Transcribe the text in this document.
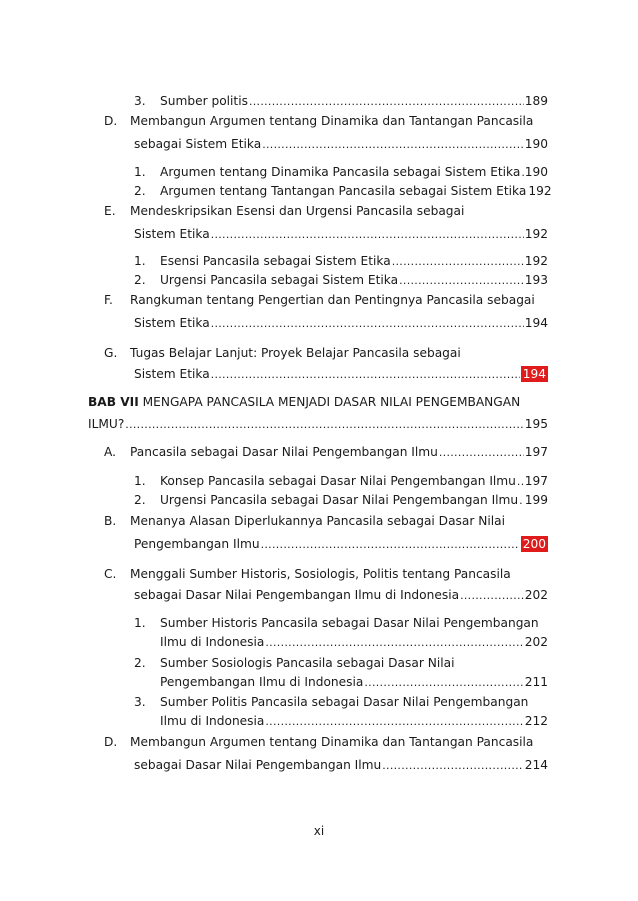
3. Sumber politis .....	189
D. Membangun Argumen tentang Dinamika dan Tantangan Pancasila
sebagai Sistem Etika .....	190
1. Argumen tentang Dinamika Pancasila sebagai Sistem Etika ..... 190
2. Argumen tentang Tantangan Pancasila sebagai Sistem Etika 192
E. Mendeskripsikan Esensi dan Urgensi Pancasila sebagai
Sistem Etika .....	192
1. Esensi Pancasila sebagai Sistem Etika .....	192
2. Urgensi Pancasila sebagai Sistem Etika .....	193
F. Rangkuman tentang Pengertian dan Pentingnya Pancasila sebagai
Sistem Etika .....	194
G. Tugas Belajar Lanjut: Proyek Belajar Pancasila sebagai
Sistem Etika .....	194
BAB VII MENGAPA PANCASILA MENJADI DASAR NILAI PENGEMBANGAN
ILMU? .....	195
A. Pancasila sebagai Dasar Nilai Pengembangan Ilmu .....	197
1. Konsep Pancasila sebagai Dasar Nilai Pengembangan Ilmu ..... 197
2. Urgensi Pancasila sebagai Dasar Nilai Pengembangan Ilmu ..... 199
B. Menanya Alasan Diperlukannya Pancasila sebagai Dasar Nilai
Pengembangan Ilmu .....	200
C. Menggali Sumber Historis, Sosiologis, Politis tentang Pancasila
sebagai Dasar Nilai Pengembangan Ilmu di Indonesia .....	202
1. Sumber Historis Pancasila sebagai Dasar Nilai Pengembangan
Ilmu di Indonesia .....	202
2. Sumber Sosiologis Pancasila sebagai Dasar Nilai
Pengembangan Ilmu di Indonesia .....	211
3. Sumber Politis Pancasila sebagai Dasar Nilai Pengembangan
Ilmu di Indonesia .....	212
D. Membangun Argumen tentang Dinamika dan Tantangan Pancasila
sebagai Dasar Nilai Pengembangan Ilmu .....	214
xi
